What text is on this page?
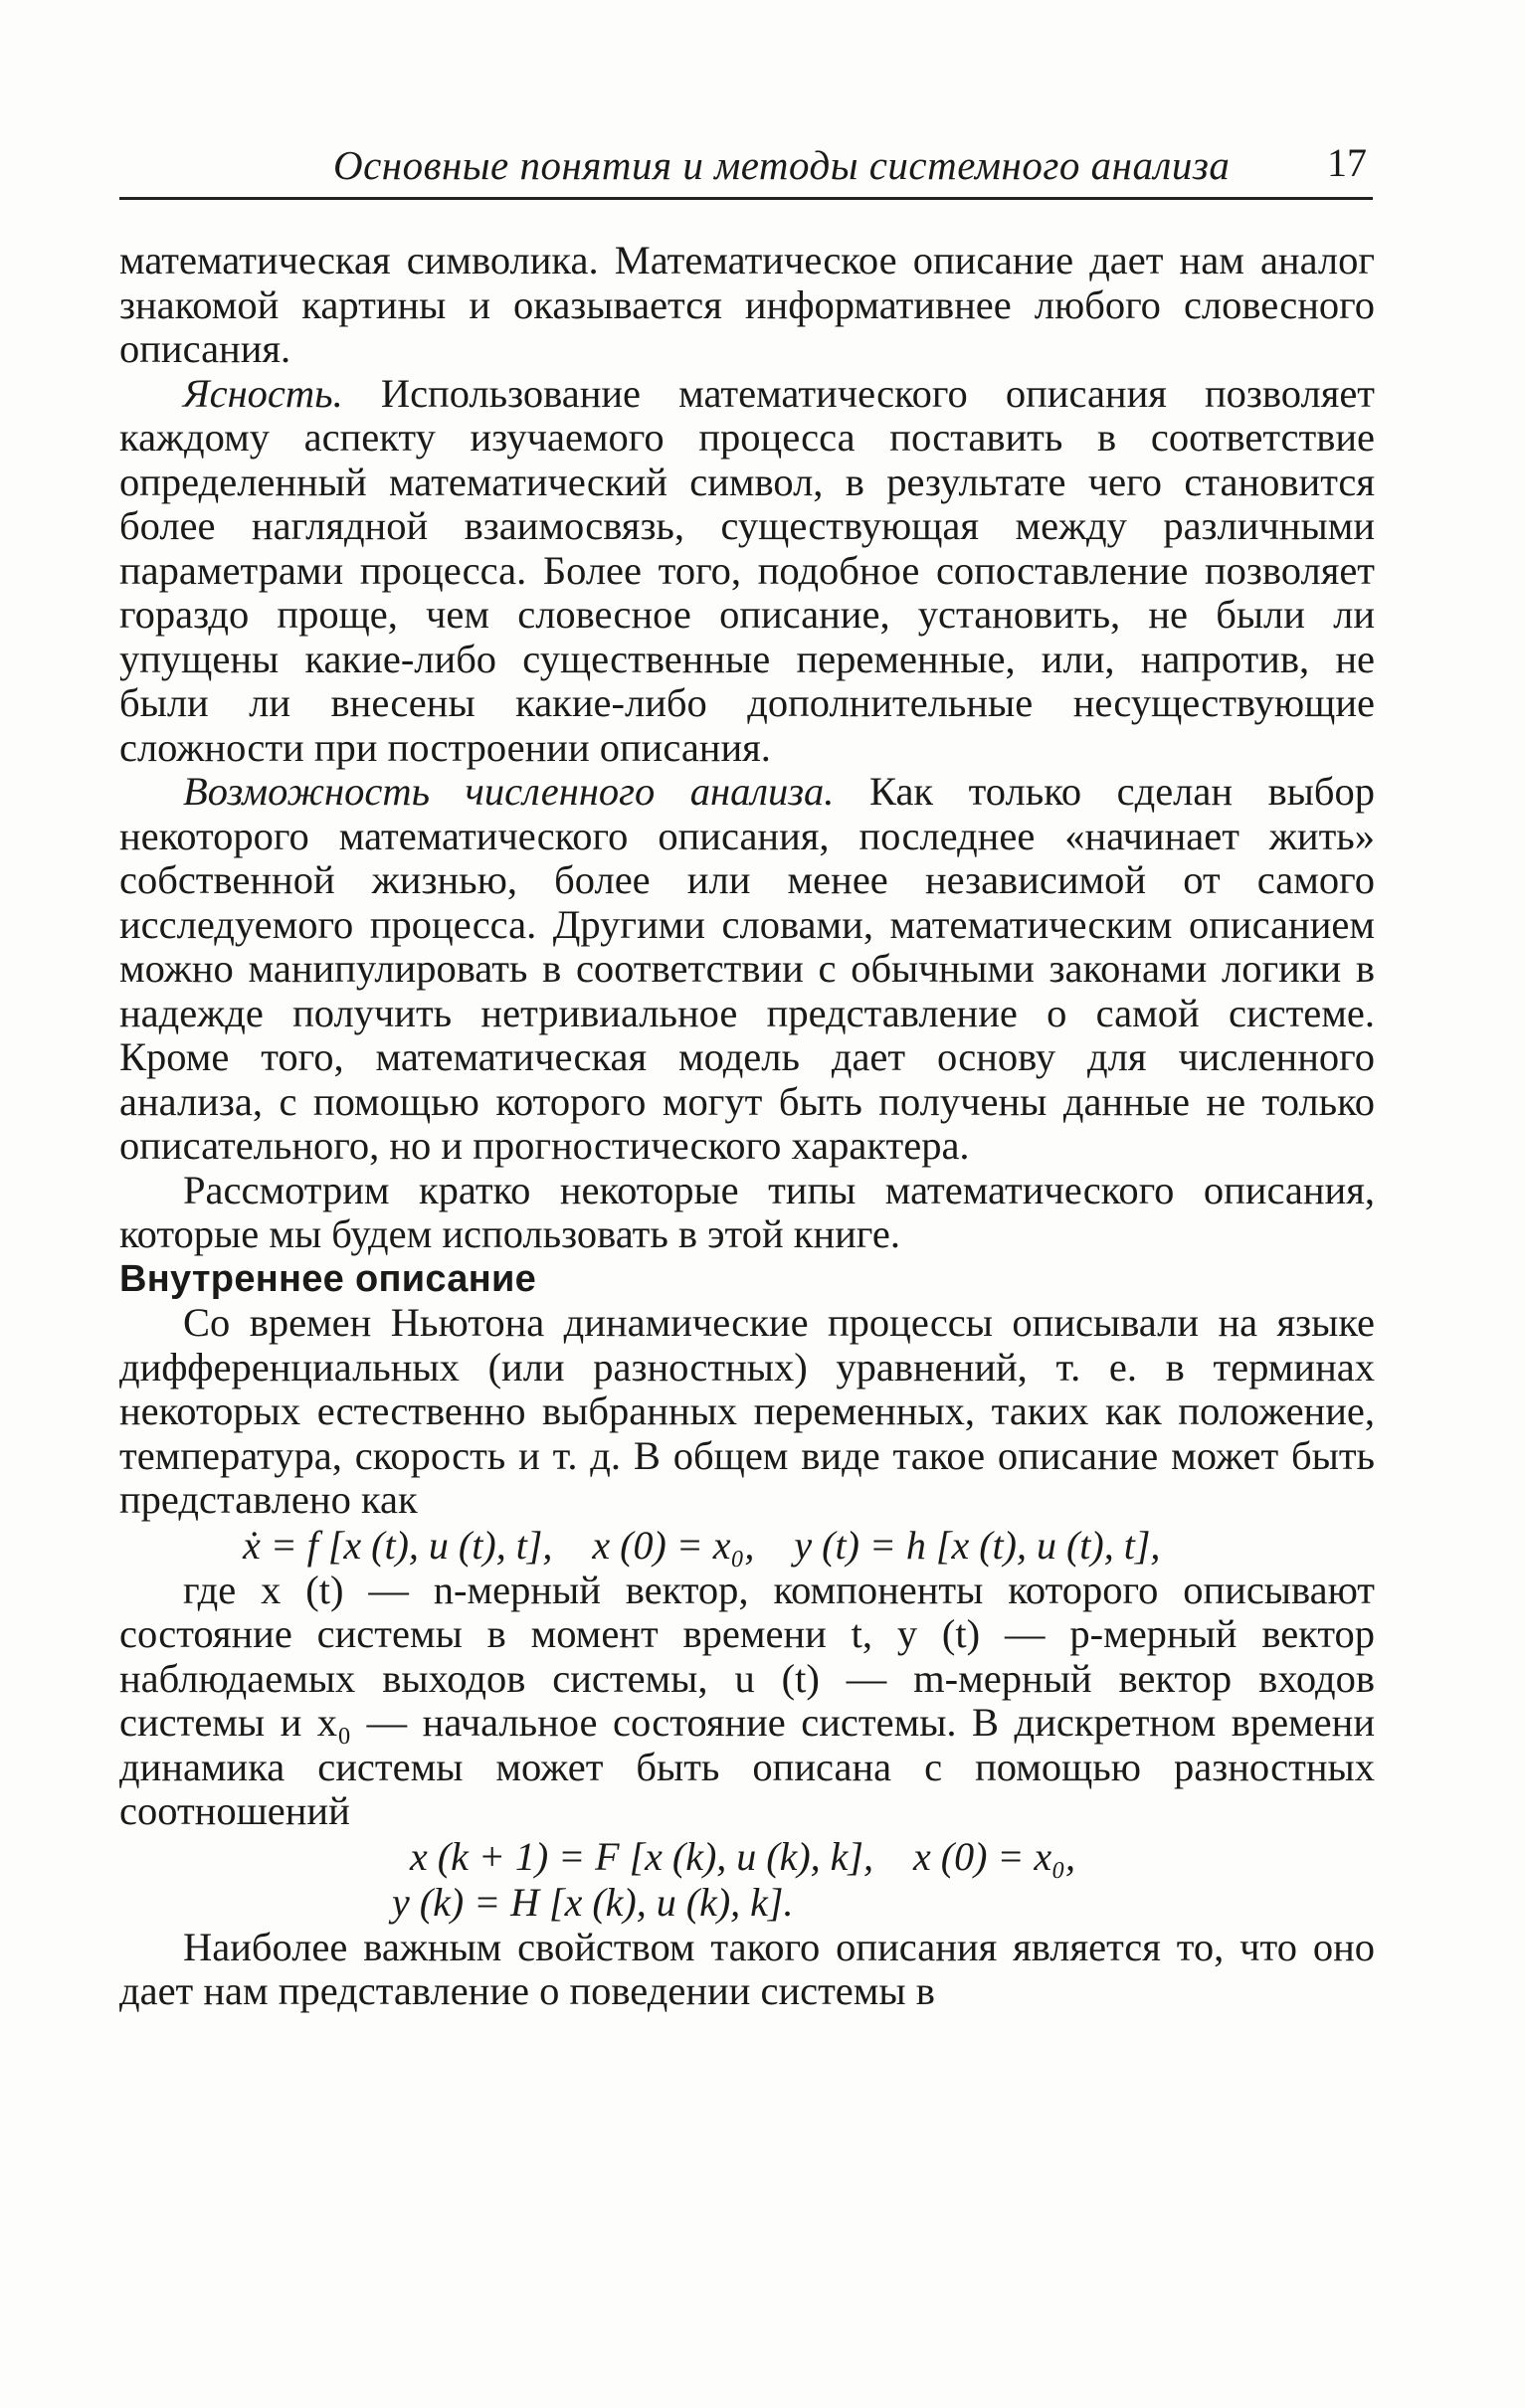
Основные понятия и методы системного анализа 17

математическая символика. Математическое описание дает нам аналог знакомой картины и оказывается информативнее любого словесного описания.

Ясность. Использование математического описания позволяет каждому аспекту изучаемого процесса поставить в соответствие определенный математический символ, в результате чего становится более наглядной взаимосвязь, существующая между различными параметрами процесса. Более того, подобное сопоставление позволяет гораздо проще, чем словесное описание, установить, не были ли упущены какие-либо существенные переменные, или, напротив, не были ли внесены какие-либо дополнительные несуществующие сложности при построении описания.

Возможность численного анализа. Как только сделан выбор некоторого математического описания, последнее «начинает жить» собственной жизнью, более или менее независимой от самого исследуемого процесса. Другими словами, математическим описанием можно манипулировать в соответствии с обычными законами логики в надежде получить нетривиальное представление о самой системе. Кроме того, математическая модель дает основу для численного анализа, с помощью которого могут быть получены данные не только описательного, но и прогностического характера.

Рассмотрим кратко некоторые типы математического описания, которые мы будем использовать в этой книге.

Внутреннее описание

Со времен Ньютона динамические процессы описывали на языке дифференциальных (или разностных) уравнений, т. е. в терминах некоторых естественно выбранных переменных, таких как положение, температура, скорость и т. д. В общем виде такое описание может быть представлено как

ẋ = f [x (t), u (t), t],    x (0) = x₀,    y (t) = h [x (t), u (t), t],

где x (t) — n-мерный вектор, компоненты которого описывают состояние системы в момент времени t, y (t) — p-мерный вектор наблюдаемых выходов системы, u (t) — m-мерный вектор входов системы и x₀ — начальное состояние системы. В дискретном времени динамика системы может быть описана с помощью разностных соотношений

x (k + 1) = F [x (k), u (k), k],    x (0) = x₀,

y (k) = H [x (k), u (k), k].

Наиболее важным свойством такого описания является то, что оно дает нам представление о поведении системы в
